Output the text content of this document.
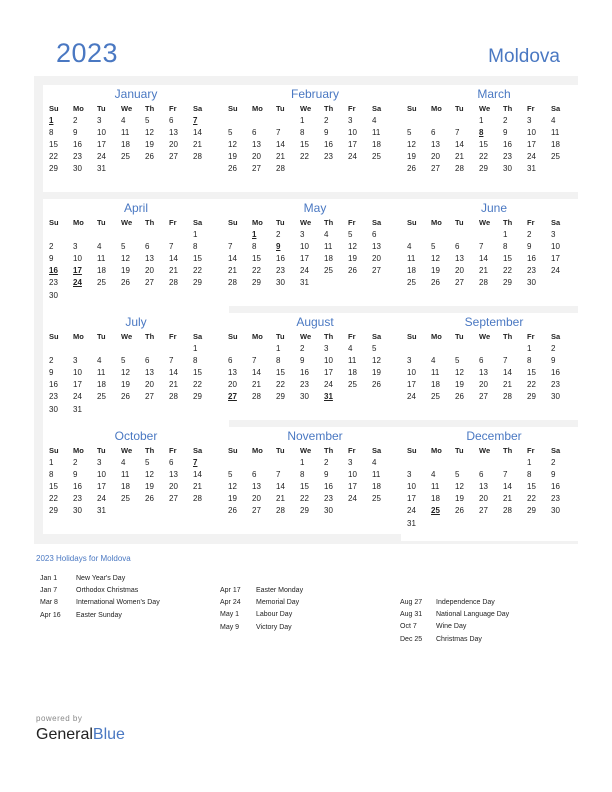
2023	Moldova
January
Su	Mo	Tu	We	Th	Fr	Sa
1	2	3	4	5	6	7
8	9	10	11	12	13	14
15	16	17	18	19	20	21
22	23	24	25	26	27	28
29	30	31				
February
Su	Mo	Tu	We	Th	Fr	Sa
			1	2	3	4
5	6	7	8	9	10	11
12	13	14	15	16	17	18
19	20	21	22	23	24	25
26	27	28				
March
Su	Mo	Tu	We	Th	Fr	Sa
			1	2	3	4
5	6	7	8	9	10	11
12	13	14	15	16	17	18
19	20	21	22	23	24	25
26	27	28	29	30	31	
April
Su	Mo	Tu	We	Th	Fr	Sa
						1
2	3	4	5	6	7	8
9	10	11	12	13	14	15
16	17	18	19	20	21	22
23	24	25	26	27	28	29
30						
May
Su	Mo	Tu	We	Th	Fr	Sa
	1	2	3	4	5	6
7	8	9	10	11	12	13
14	15	16	17	18	19	20
21	22	23	24	25	26	27
28	29	30	31			
June
Su	Mo	Tu	We	Th	Fr	Sa
				1	2	3
4	5	6	7	8	9	10
11	12	13	14	15	16	17
18	19	20	21	22	23	24
25	26	27	28	29	30	
July
Su	Mo	Tu	We	Th	Fr	Sa
						1
2	3	4	5	6	7	8
9	10	11	12	13	14	15
16	17	18	19	20	21	22
23	24	25	26	27	28	29
30	31					
August
Su	Mo	Tu	We	Th	Fr	Sa
		1	2	3	4	5
6	7	8	9	10	11	12
13	14	15	16	17	18	19
20	21	22	23	24	25	26
27	28	29	30	31		
September
Su	Mo	Tu	We	Th	Fr	Sa
					1	2
3	4	5	6	7	8	9
10	11	12	13	14	15	16
17	18	19	20	21	22	23
24	25	26	27	28	29	30
October
Su	Mo	Tu	We	Th	Fr	Sa
1	2	3	4	5	6	7
8	9	10	11	12	13	14
15	16	17	18	19	20	21
22	23	24	25	26	27	28
29	30	31				
November
Su	Mo	Tu	We	Th	Fr	Sa
			1	2	3	4
5	6	7	8	9	10	11
12	13	14	15	16	17	18
19	20	21	22	23	24	25
26	27	28	29	30		
December
Su	Mo	Tu	We	Th	Fr	Sa
					1	2
3	4	5	6	7	8	9
10	11	12	13	14	15	16
17	18	19	20	21	22	23
24	25	26	27	28	29	30
31						
2023 Holidays for Moldova
Jan 1	New Year's Day
Jan 7	Orthodox Christmas
Mar 8	International Women's Day
Apr 16 Easter Sunday
Apr 17 Easter Monday
Apr 24 Memorial Day
May 1 Labour Day
May 9 Victory Day
Aug 27 Independence Day
Aug 31 National Language Day
Oct 7	Wine Day
Dec 25 Christmas Day
powered by
GeneralBlue
